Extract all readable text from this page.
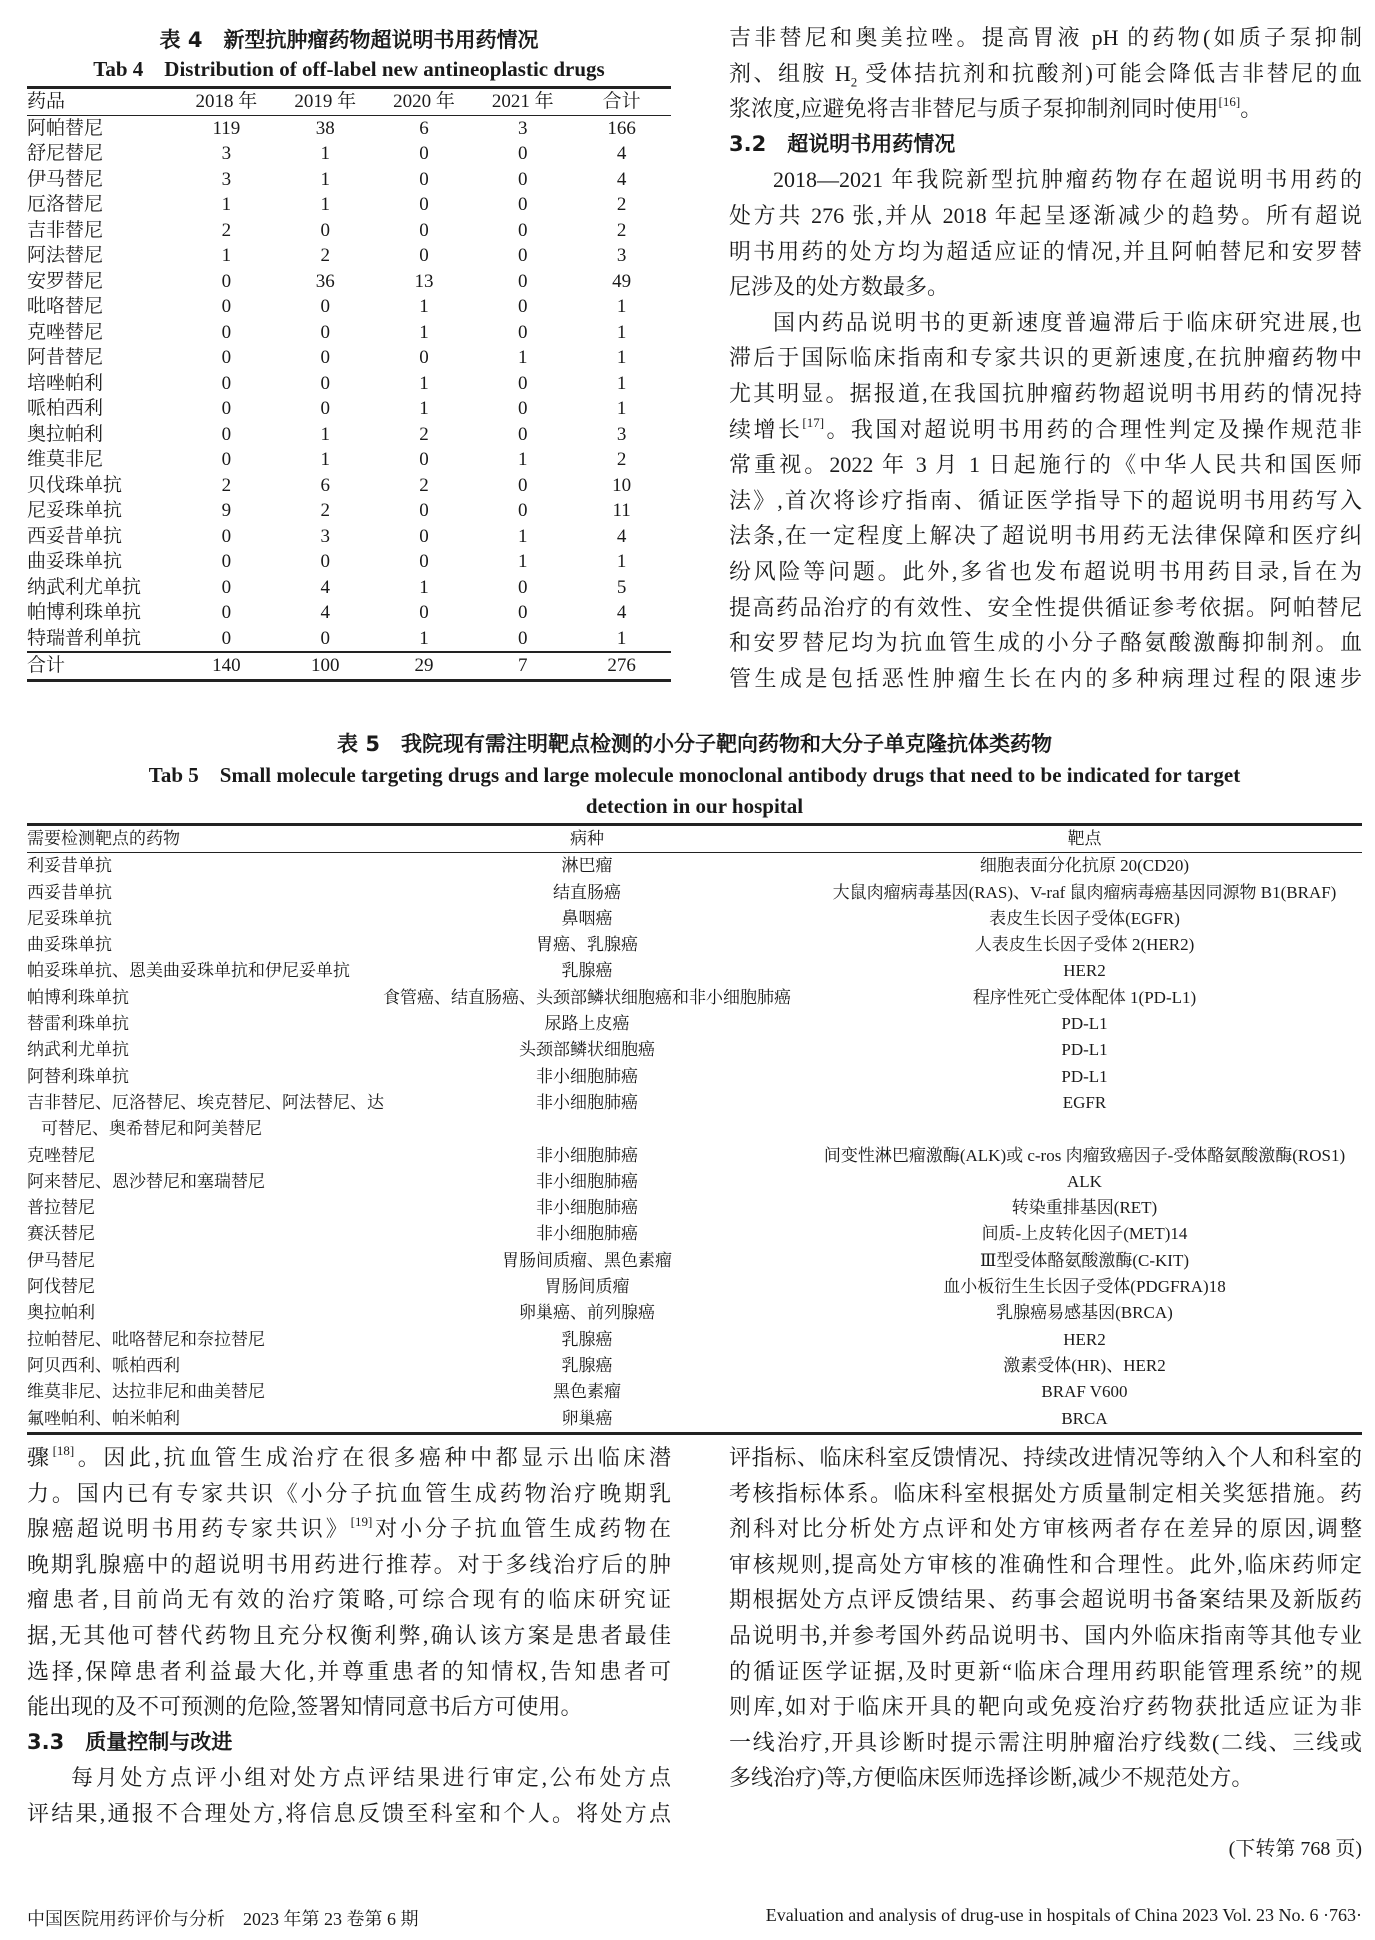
表 4　新型抗肿瘤药物超说明书用药情况
Tab 4　Distribution of off-label new antineoplastic drugs
药品	2018 年	2019 年	2020 年	2021 年	合计
阿帕替尼	119	38	6	3	166
舒尼替尼	3	1	0	0	4
伊马替尼	3	1	0	0	4
厄洛替尼	1	1	0	0	2
吉非替尼	2	0	0	0	2
阿法替尼	1	2	0	0	3
安罗替尼	0	36	13	0	49
吡咯替尼	0	0	1	0	1
克唑替尼	0	0	1	0	1
阿昔替尼	0	0	0	1	1
培唑帕利	0	0	1	0	1
哌柏西利	0	0	1	0	1
奥拉帕利	0	1	2	0	3
维莫非尼	0	1	0	1	2
贝伐珠单抗	2	6	2	0	10
尼妥珠单抗	9	2	0	0	11
西妥昔单抗	0	3	0	1	4
曲妥珠单抗	0	0	0	1	1
纳武利尤单抗	0	4	1	0	5
帕博利珠单抗	0	4	0	0	4
特瑞普利单抗	0	0	1	0	1
合计	140	100	29	7	276
吉非替尼和奥美拉唑。提高胃液 pH 的药物(如质子泵抑制
剂、组胺 $H_2$ 受体拮抗剂和抗酸剂)可能会降低吉非替尼的血
浆浓度,应避免将吉非替尼与质子泵抑制剂同时使用[16]。
3.2　超说明书用药情况
2018—2021 年我院新型抗肿瘤药物存在超说明书用药的
处方共 276 张,并从 2018 年起呈逐渐减少的趋势。所有超说
明书用药的处方均为超适应证的情况,并且阿帕替尼和安罗替
尼涉及的处方数最多。
国内药品说明书的更新速度普遍滞后于临床研究进展,也
滞后于国际临床指南和专家共识的更新速度,在抗肿瘤药物中
尤其明显。据报道,在我国抗肿瘤药物超说明书用药的情况持
续增长[17]。我国对超说明书用药的合理性判定及操作规范非
常重视。2022 年 3 月 1 日起施行的《中华人民共和国医师
法》,首次将诊疗指南、循证医学指导下的超说明书用药写入
法条,在一定程度上解决了超说明书用药无法律保障和医疗纠
纷风险等问题。此外,多省也发布超说明书用药目录,旨在为
提高药品治疗的有效性、安全性提供循证参考依据。阿帕替尼
和安罗替尼均为抗血管生成的小分子酪氨酸激酶抑制剂。血
管生成是包括恶性肿瘤生长在内的多种病理过程的限速步
表 5　我院现有需注明靶点检测的小分子靶向药物和大分子单克隆抗体类药物
Tab 5　Small molecule targeting drugs and large molecule monoclonal antibody drugs that need to be indicated for target
detection in our hospital
需要检测靶点的药物	病种	靶点
利妥昔单抗	淋巴瘤	细胞表面分化抗原 20(CD20)
西妥昔单抗	结直肠癌	大鼠肉瘤病毒基因(RAS)、V-raf 鼠肉瘤病毒癌基因同源物 B1(BRAF)
尼妥珠单抗	鼻咽癌	表皮生长因子受体(EGFR)
曲妥珠单抗	胃癌、乳腺癌	人表皮生长因子受体 2(HER2)
帕妥珠单抗、恩美曲妥珠单抗和伊尼妥单抗	乳腺癌	HER2
帕博利珠单抗	食管癌、结直肠癌、头颈部鳞状细胞癌和非小细胞肺癌	程序性死亡受体配体 1(PD-L1)
替雷利珠单抗	尿路上皮癌	PD-L1
纳武利尤单抗	头颈部鳞状细胞癌	PD-L1
阿替利珠单抗	非小细胞肺癌	PD-L1
吉非替尼、厄洛替尼、埃克替尼、阿法替尼、达
可替尼、奥希替尼和阿美替尼	非小细胞肺癌	EGFR
克唑替尼	非小细胞肺癌	间变性淋巴瘤激酶(ALK)或 c-ros 肉瘤致癌因子-受体酪氨酸激酶(ROS1)
阿来替尼、恩沙替尼和塞瑞替尼	非小细胞肺癌	ALK
普拉替尼	非小细胞肺癌	转染重排基因(RET)
赛沃替尼	非小细胞肺癌	间质-上皮转化因子(MET)14
伊马替尼	胃肠间质瘤、黑色素瘤	Ⅲ型受体酪氨酸激酶(C-KIT)
阿伐替尼	胃肠间质瘤	血小板衍生生长因子受体(PDGFRA)18
奥拉帕利	卵巢癌、前列腺癌	乳腺癌易感基因(BRCA)
拉帕替尼、吡咯替尼和奈拉替尼	乳腺癌	HER2
阿贝西利、哌柏西利	乳腺癌	激素受体(HR)、HER2
维莫非尼、达拉非尼和曲美替尼	黑色素瘤	BRAF V600
氟唑帕利、帕米帕利	卵巢癌	BRCA
骤[18]。因此,抗血管生成治疗在很多癌种中都显示出临床潜
力。国内已有专家共识《小分子抗血管生成药物治疗晚期乳
腺癌超说明书用药专家共识》[19]对小分子抗血管生成药物在
晚期乳腺癌中的超说明书用药进行推荐。对于多线治疗后的肿
瘤患者,目前尚无有效的治疗策略,可综合现有的临床研究证
据,无其他可替代药物且充分权衡利弊,确认该方案是患者最佳
选择,保障患者利益最大化,并尊重患者的知情权,告知患者可
能出现的及不可预测的危险,签署知情同意书后方可使用。
3.3　质量控制与改进
每月处方点评小组对处方点评结果进行审定,公布处方点
评结果,通报不合理处方,将信息反馈至科室和个人。将处方点
评指标、临床科室反馈情况、持续改进情况等纳入个人和科室的
考核指标体系。临床科室根据处方质量制定相关奖惩措施。药
剂科对比分析处方点评和处方审核两者存在差异的原因,调整
审核规则,提高处方审核的准确性和合理性。此外,临床药师定
期根据处方点评反馈结果、药事会超说明书备案结果及新版药
品说明书,并参考国外药品说明书、国内外临床指南等其他专业
的循证医学证据,及时更新“临床合理用药职能管理系统”的规
则库,如对于临床开具的靶向或免疫治疗药物获批适应证为非
一线治疗,开具诊断时提示需注明肿瘤治疗线数(二线、三线或
多线治疗)等,方便临床医师选择诊断,减少不规范处方。
(下转第 768 页)
中国医院用药评价与分析　2023 年第 23 卷第 6 期	Evaluation and analysis of drug-use in hospitals of China 2023 Vol. 23 No. 6 ·763·
